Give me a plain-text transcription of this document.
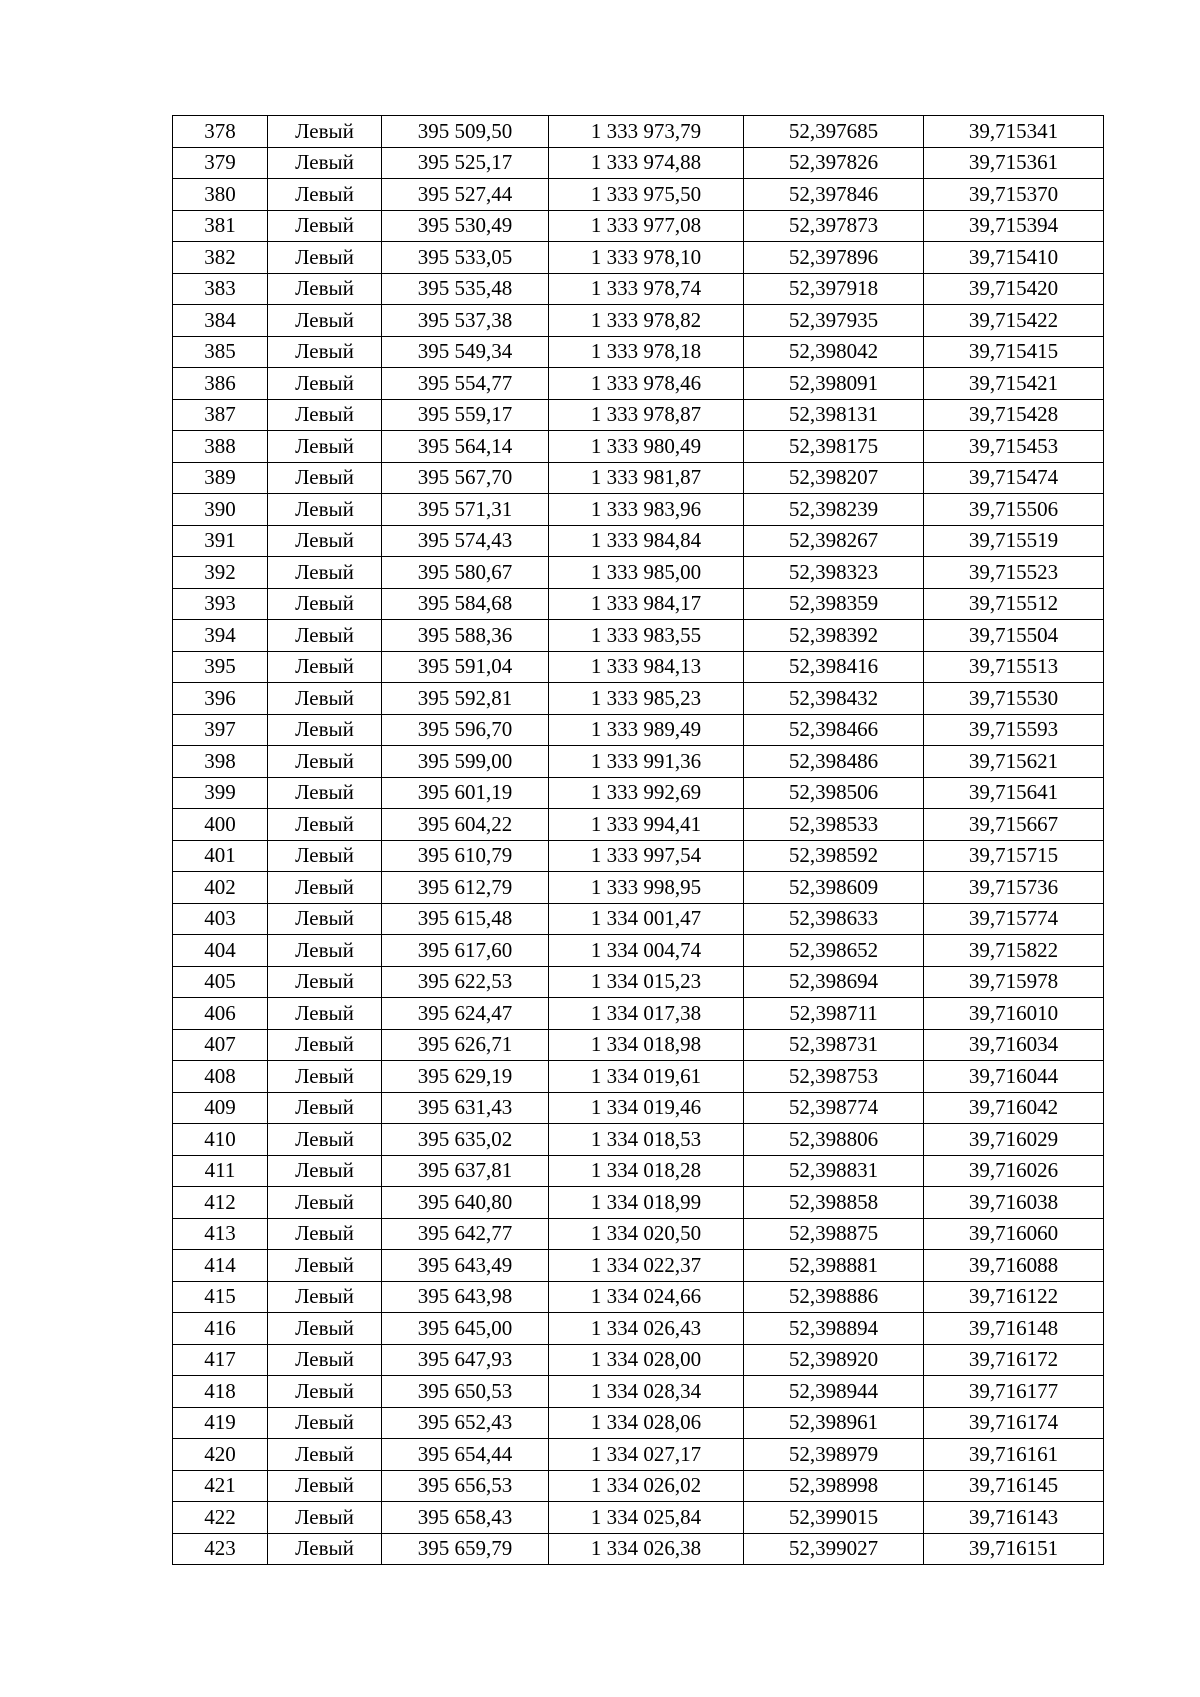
378	Левый	395 509,50	1 333 973,79	52,397685	39,715341
379	Левый	395 525,17	1 333 974,88	52,397826	39,715361
380	Левый	395 527,44	1 333 975,50	52,397846	39,715370
381	Левый	395 530,49	1 333 977,08	52,397873	39,715394
382	Левый	395 533,05	1 333 978,10	52,397896	39,715410
383	Левый	395 535,48	1 333 978,74	52,397918	39,715420
384	Левый	395 537,38	1 333 978,82	52,397935	39,715422
385	Левый	395 549,34	1 333 978,18	52,398042	39,715415
386	Левый	395 554,77	1 333 978,46	52,398091	39,715421
387	Левый	395 559,17	1 333 978,87	52,398131	39,715428
388	Левый	395 564,14	1 333 980,49	52,398175	39,715453
389	Левый	395 567,70	1 333 981,87	52,398207	39,715474
390	Левый	395 571,31	1 333 983,96	52,398239	39,715506
391	Левый	395 574,43	1 333 984,84	52,398267	39,715519
392	Левый	395 580,67	1 333 985,00	52,398323	39,715523
393	Левый	395 584,68	1 333 984,17	52,398359	39,715512
394	Левый	395 588,36	1 333 983,55	52,398392	39,715504
395	Левый	395 591,04	1 333 984,13	52,398416	39,715513
396	Левый	395 592,81	1 333 985,23	52,398432	39,715530
397	Левый	395 596,70	1 333 989,49	52,398466	39,715593
398	Левый	395 599,00	1 333 991,36	52,398486	39,715621
399	Левый	395 601,19	1 333 992,69	52,398506	39,715641
400	Левый	395 604,22	1 333 994,41	52,398533	39,715667
401	Левый	395 610,79	1 333 997,54	52,398592	39,715715
402	Левый	395 612,79	1 333 998,95	52,398609	39,715736
403	Левый	395 615,48	1 334 001,47	52,398633	39,715774
404	Левый	395 617,60	1 334 004,74	52,398652	39,715822
405	Левый	395 622,53	1 334 015,23	52,398694	39,715978
406	Левый	395 624,47	1 334 017,38	52,398711	39,716010
407	Левый	395 626,71	1 334 018,98	52,398731	39,716034
408	Левый	395 629,19	1 334 019,61	52,398753	39,716044
409	Левый	395 631,43	1 334 019,46	52,398774	39,716042
410	Левый	395 635,02	1 334 018,53	52,398806	39,716029
411	Левый	395 637,81	1 334 018,28	52,398831	39,716026
412	Левый	395 640,80	1 334 018,99	52,398858	39,716038
413	Левый	395 642,77	1 334 020,50	52,398875	39,716060
414	Левый	395 643,49	1 334 022,37	52,398881	39,716088
415	Левый	395 643,98	1 334 024,66	52,398886	39,716122
416	Левый	395 645,00	1 334 026,43	52,398894	39,716148
417	Левый	395 647,93	1 334 028,00	52,398920	39,716172
418	Левый	395 650,53	1 334 028,34	52,398944	39,716177
419	Левый	395 652,43	1 334 028,06	52,398961	39,716174
420	Левый	395 654,44	1 334 027,17	52,398979	39,716161
421	Левый	395 656,53	1 334 026,02	52,398998	39,716145
422	Левый	395 658,43	1 334 025,84	52,399015	39,716143
423	Левый	395 659,79	1 334 026,38	52,399027	39,716151
